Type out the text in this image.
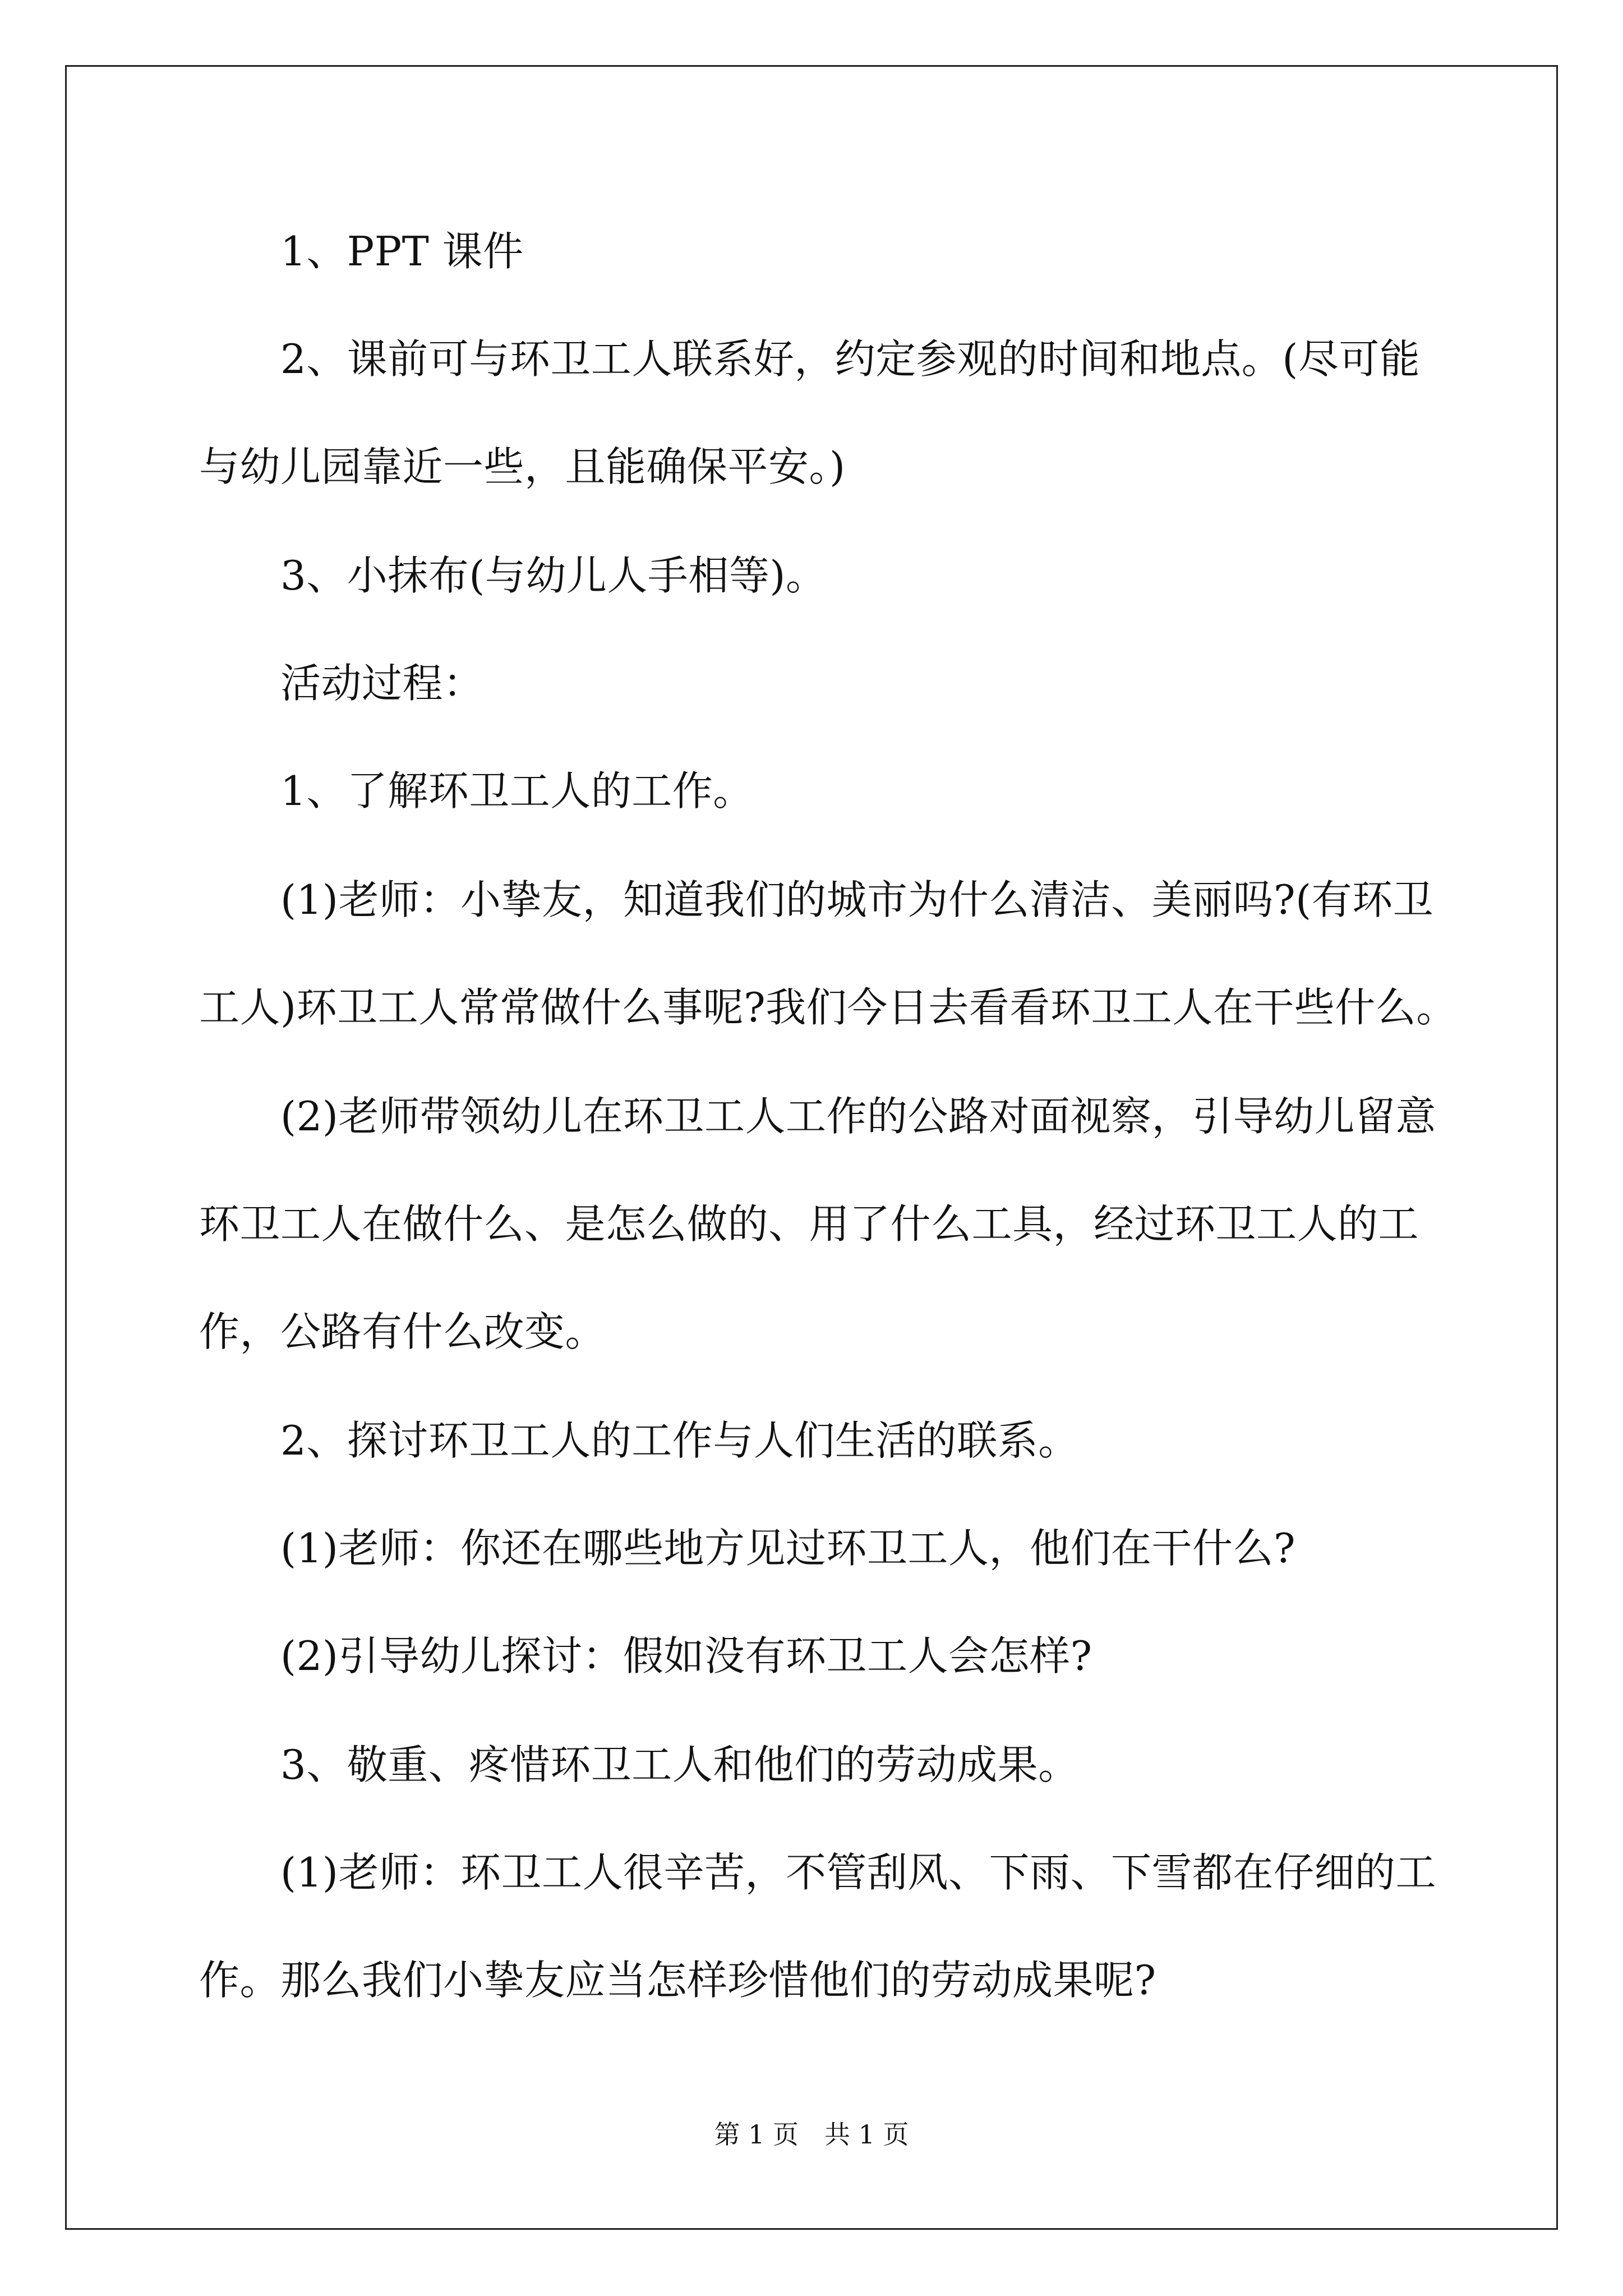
　　1、PPT 课件
　　2、课前可与环卫工人联系好，约定参观的时间和地点。(尽可能
与幼儿园靠近一些，且能确保平安。)
　　3、小抹布(与幼儿人手相等)。
　　活动过程：
　　1、了解环卫工人的工作。
　　(1)老师：小挚友，知道我们的城市为什么清洁、美丽吗?(有环卫
工人)环卫工人常常做什么事呢?我们今日去看看环卫工人在干些什么。
　　(2)老师带领幼儿在环卫工人工作的公路对面视察，引导幼儿留意
环卫工人在做什么、是怎么做的、用了什么工具，经过环卫工人的工
作，公路有什么改变。
　　2、探讨环卫工人的工作与人们生活的联系。
　　(1)老师：你还在哪些地方见过环卫工人，他们在干什么?
　　(2)引导幼儿探讨：假如没有环卫工人会怎样?
　　3、敬重、疼惜环卫工人和他们的劳动成果。
　　(1)老师：环卫工人很辛苦，不管刮风、下雨、下雪都在仔细的工
作。那么我们小挚友应当怎样珍惜他们的劳动成果呢?
第 1 页　共 1 页
